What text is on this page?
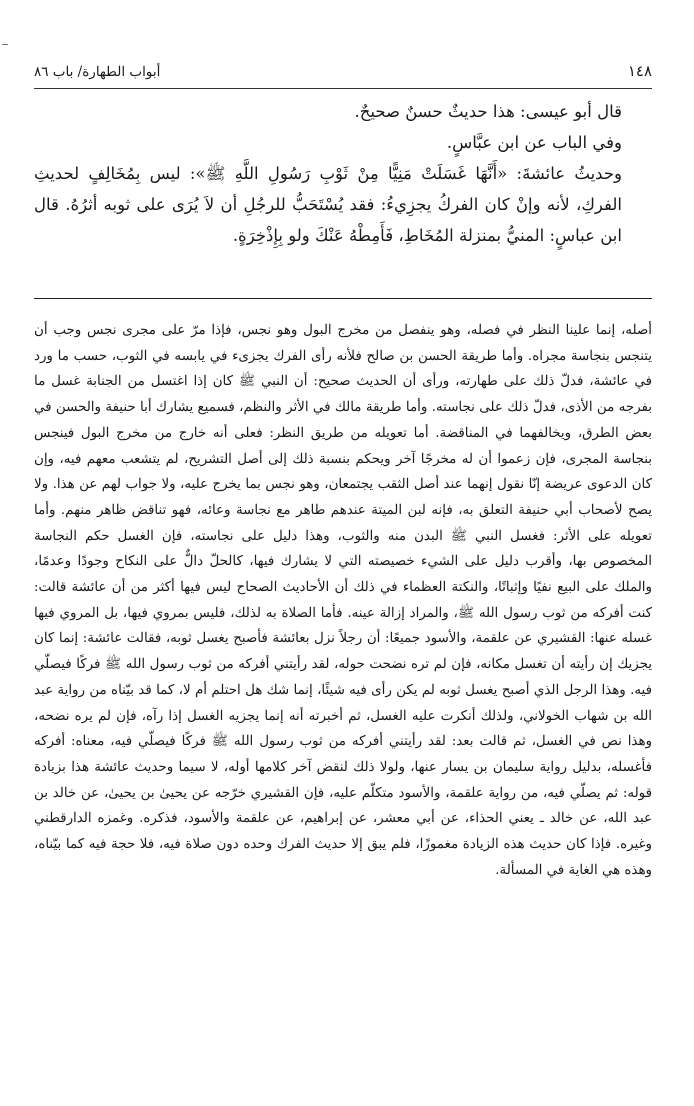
١٤٨
أبواب الطهارة/ باب ٨٦

قال أبو عيسى: هذا حديثٌ حسنٌ صحيحٌ.

وفي الباب عن ابن عبَّاسٍ.

وحديثُ عائشةَ: «أَنَّهَا غَسَلَتْ مَنِيًّا مِنْ ثَوْبِ رَسُولِ اللَّهِ ﷺ»: ليس بِمُخَالِفٍ لحديثِ الفركِ، لأنه وإنْ كان الفركُ يجزِيءُ: فقد يُسْتَحَبُّ للرجُلِ أن لاَ يُرَى على ثوبه أثرُهُ. قال ابن عباسٍ: المنيُّ بمنزلة المُخَاطِ، فَأَمِطْهُ عَنْكَ ولو بِإِذْخِرَةٍ.

أصله، إنما علينا النظر في فصله، وهو ينفصل من مخرج البول وهو نجس، فإذا مرّ على مجرى نجس وجب أن يتنجس بنجاسة مجراه. وأما طريقة الحسن بن صالح فلأنه رأى الفرك يجزىء في يابسه في الثوب، حسب ما ورد في عائشة، فدلّ ذلك على طهارته، ورأى أن الحديث صحيح: أن النبي ﷺ كان إذا اغتسل من الجنابة غسل ما بفرجه من الأذى، فدلّ ذلك على نجاسته. وأما طريقة مالك في الأثر والنظم، فسميع يشارك أبا حنيفة والحسن في بعض الطرق، ويخالفهما في المناقضة. أما تعويله من طريق النظر: فعلى أنه خارج من مخرج البول فينجس بنجاسة المجرى، فإن زعموا أن له مخرجًا آخر ويحكم بنسبة ذلك إلى أصل التشريح، لم يتشعب معهم فيه، وإن كان الدعوى عريضة إنّا نقول إنهما عند أصل الثقب يجتمعان، وهو نجس بما يخرج عليه، ولا جواب لهم عن هذا. ولا يصح لأصحاب أبي حنيفة التعلق به، فإنه لبن الميتة عندهم طاهر مع نجاسة وعائه، فهو تناقض ظاهر منهم. وأما تعويله على الأثر: فغسل النبي ﷺ البدن منه والثوب، وهذا دليل على نجاسته، فإن الغسل حكم النجاسة المخصوص بها، وأقرب دليل على الشيء خصيصته التي لا يشارك فيها، كالحلّ دالٌّ على النكاح وجودًا وعدمًا، والملك على البيع نفيًا وإثباتًا، والنكتة العظماء في ذلك أن الأحاديث الصحاح ليس فيها أكثر من أن عائشة قالت: كنت أفركه من ثوب رسول الله ﷺ، والمراد إزالة عينه. فأما الصلاة به لذلك، فليس بمروي فيها، بل المروي فيها غسله عنها: القشيري عن علقمة، والأسود جميعًا: أن رجلاً نزل بعائشة فأصبح يغسل ثوبه، فقالت عائشة: إنما كان يجزيك إن رأيته أن تغسل مكانه، فإن لم تره نضحت حوله، لقد رأيتني أفركه من ثوب رسول الله ﷺ فركًا فيصلّي فيه. وهذا الرجل الذي أصبح يغسل ثوبه لم يكن رأى فيه شيئًا، إنما شك هل احتلم أم لا، كما قد بيّناه من رواية عبد الله بن شهاب الخولاني، ولذلك أنكرت عليه الغسل، ثم أخبرته أنه إنما يجزيه الغسل إذا رآه، فإن لم يره نضحه، وهذا نص في الغسل، ثم قالت بعد: لقد رأيتني أفركه من ثوب رسول الله ﷺ فركًا فيصلّي فيه، معناه: أفركه فأغسله، بدليل رواية سليمان بن يسار عنها، ولولا ذلك لنقض آخر كلامها أوله، لا سيما وحديث عائشة هذا بزيادة قوله: ثم يصلّي فيه، من رواية علقمة، والأسود متكلّم عليه، فإن القشيري خرّجه عن يحيىٰ بن يحيىٰ، عن خالد بن عبد الله، عن خالد ـ يعني الحذاء، عن أبي معشر، عن إبراهيم، عن علقمة والأسود، فذكره. وغمزه الدارقطني وغيره. فإذا كان حديث هذه الزيادة مغموزًا، فلم يبق إلا حديث الفرك وحده دون صلاة فيه، فلا حجة فيه كما بيّناه، وهذه هي الغاية في المسألة.
